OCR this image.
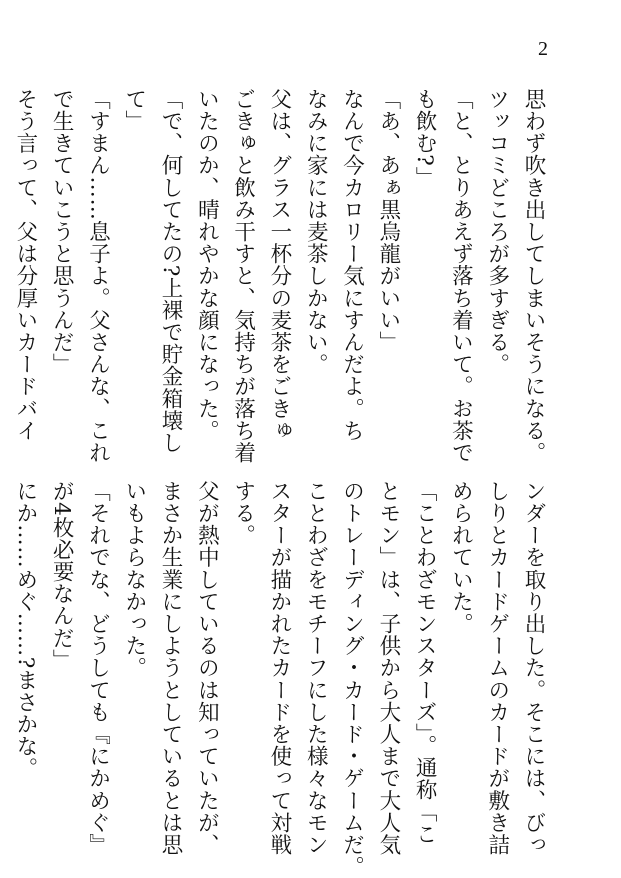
2
思わず吹き出してしまいそうになる。
ツッコミどころが多すぎる。
「と、とりあえず落ち着いて。お茶で
も飲む?」
「あ、あぁ黒烏龍がいい」
なんで今カロリー気にすんだよ。ち
なみに家には麦茶しかない。
父は、グラス一杯分の麦茶をごきゅ
ごきゅと飲み干すと、気持ちが落ち着
いたのか、晴れやかな顔になった。
「で、何してたの?上裸で貯金箱壊し
て」
「すまん……息子よ。父さんな、これ
で生きていこうと思うんだ」
そう言って、父は分厚いカードバイ
ンダーを取り出した。そこには、びっ
しりとカードゲームのカードが敷き詰
められていた。
「ことわざモンスターズ」。通称「こ
とモン」は、子供から大人まで大人気
のトレーディング・カード・ゲームだ。
ことわざをモチーフにした様々なモン
スターが描かれたカードを使って対戦
する。
父が熱中しているのは知っていたが、
まさか生業にしようとしているとは思
いもよらなかった。
「それでな、どうしても『にかめぐ』
が4枚必要なんだ」
にか……めぐ……?まさかな。
